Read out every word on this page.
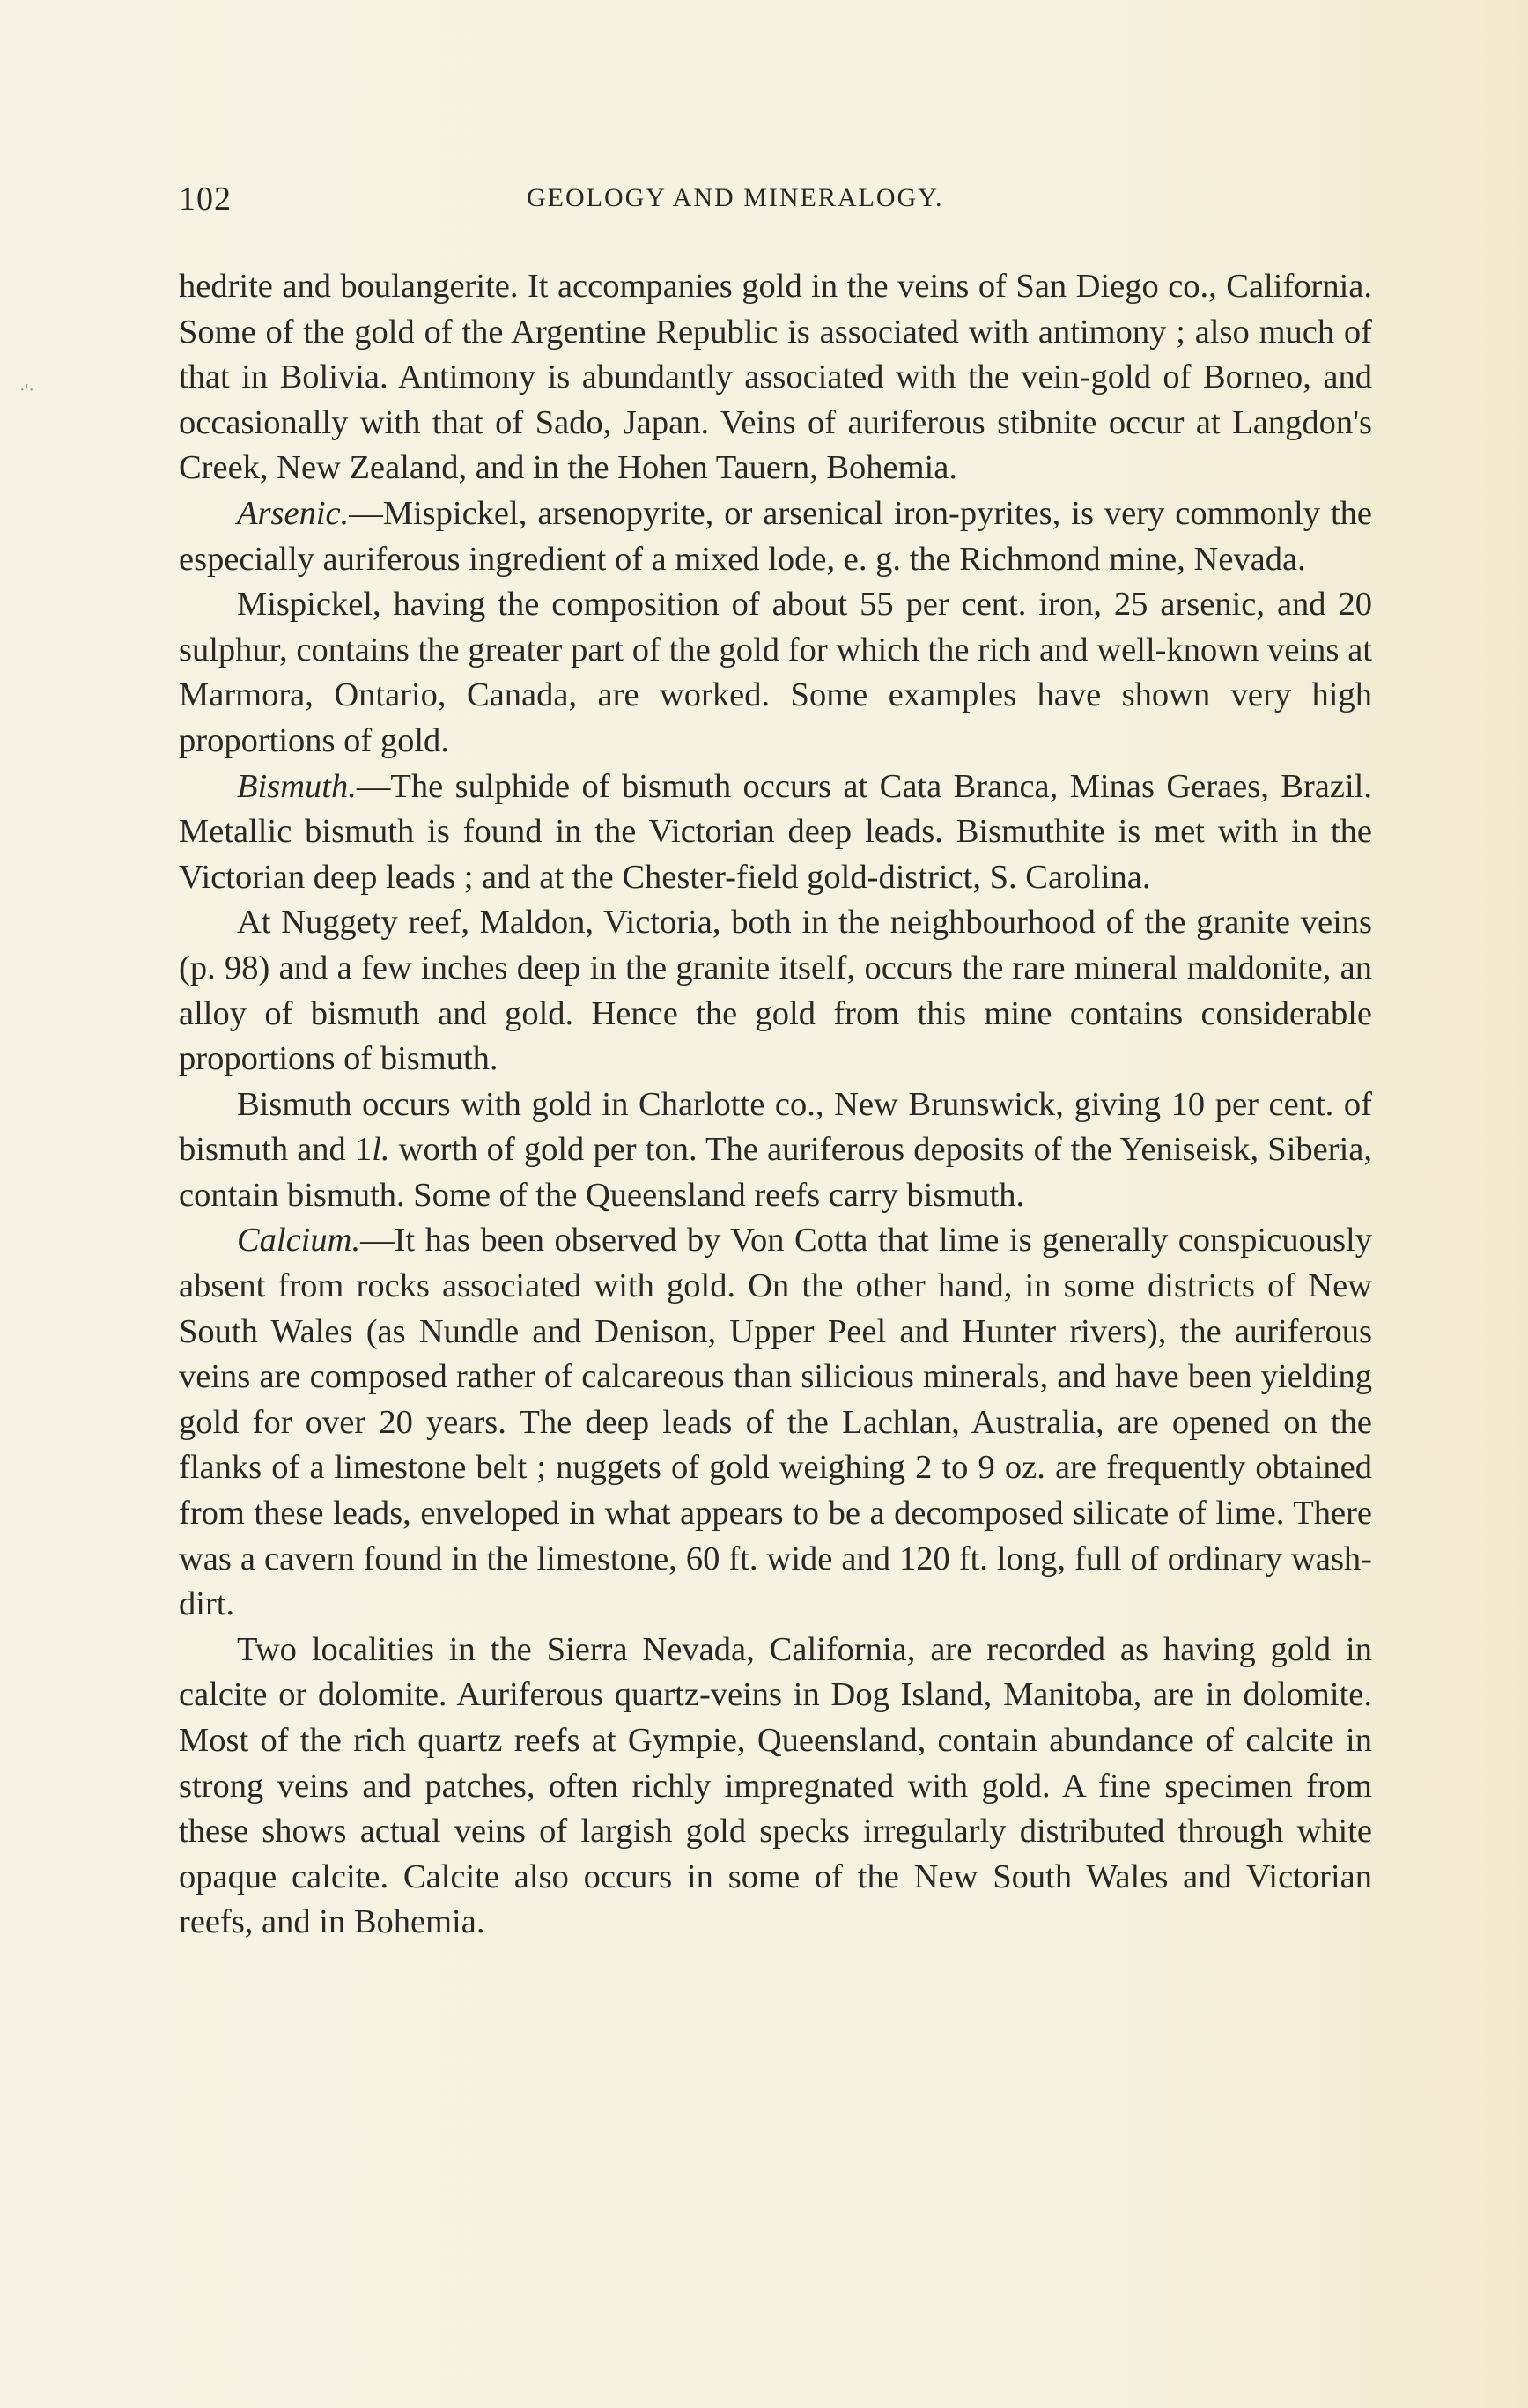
·'·
102	GEOLOGY AND MINERALOGY.

hedrite and boulangerite. It accompanies gold in the veins of San Diego co., California. Some of the gold of the Argentine Republic is associated with antimony ; also much of that in Bolivia. Antimony is abundantly associated with the vein-gold of Borneo, and occasionally with that of Sado, Japan. Veins of auriferous stibnite occur at Langdon's Creek, New Zealand, and in the Hohen Tauern, Bohemia.

Arsenic.—Mispickel, arsenopyrite, or arsenical iron-pyrites, is very commonly the especially auriferous ingredient of a mixed lode, e. g. the Richmond mine, Nevada.

Mispickel, having the composition of about 55 per cent. iron, 25 arsenic, and 20 sulphur, contains the greater part of the gold for which the rich and well-known veins at Marmora, Ontario, Canada, are worked. Some examples have shown very high proportions of gold.

Bismuth.—The sulphide of bismuth occurs at Cata Branca, Minas Geraes, Brazil. Metallic bismuth is found in the Victorian deep leads. Bismuthite is met with in the Victorian deep leads ; and at the Chester-field gold-district, S. Carolina.

At Nuggety reef, Maldon, Victoria, both in the neighbourhood of the granite veins (p. 98) and a few inches deep in the granite itself, occurs the rare mineral maldonite, an alloy of bismuth and gold. Hence the gold from this mine contains considerable proportions of bismuth.

Bismuth occurs with gold in Charlotte co., New Brunswick, giving 10 per cent. of bismuth and 1l. worth of gold per ton. The auriferous deposits of the Yeniseisk, Siberia, contain bismuth. Some of the Queensland reefs carry bismuth.

Calcium.—It has been observed by Von Cotta that lime is generally conspicuously absent from rocks associated with gold. On the other hand, in some districts of New South Wales (as Nundle and Denison, Upper Peel and Hunter rivers), the auriferous veins are composed rather of calcareous than silicious minerals, and have been yielding gold for over 20 years. The deep leads of the Lachlan, Australia, are opened on the flanks of a limestone belt ; nuggets of gold weighing 2 to 9 oz. are frequently obtained from these leads, enveloped in what appears to be a decomposed silicate of lime. There was a cavern found in the limestone, 60 ft. wide and 120 ft. long, full of ordinary wash-dirt.

Two localities in the Sierra Nevada, California, are recorded as having gold in calcite or dolomite. Auriferous quartz-veins in Dog Island, Manitoba, are in dolomite. Most of the rich quartz reefs at Gympie, Queensland, contain abundance of calcite in strong veins and patches, often richly impregnated with gold. A fine specimen from these shows actual veins of largish gold specks irregularly distributed through white opaque calcite. Calcite also occurs in some of the New South Wales and Victorian reefs, and in Bohemia.
